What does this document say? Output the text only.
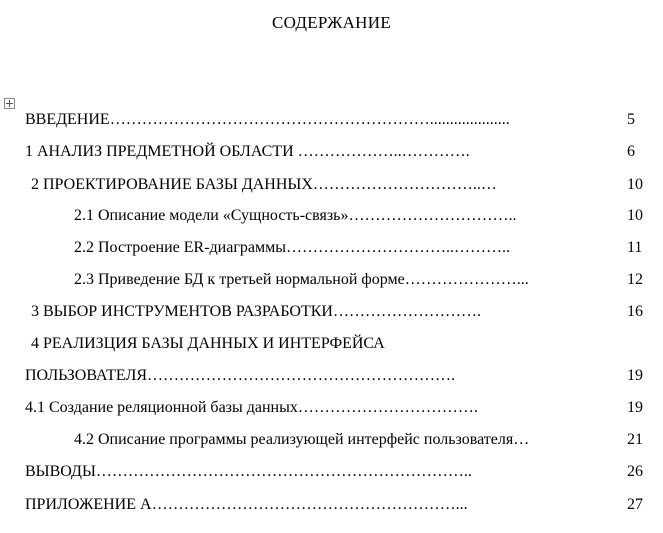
СОДЕРЖАНИЕ
ВВЕДЕНИЕ……………………………………………………....................	5
1 АНАЛИЗ ПРЕДМЕТНОЙ ОБЛАСТИ ………………..………….	6
2 ПРОЕКТИРОВАНИЕ БАЗЫ ДАННЫХ…………………………..…	10
2.1 Описание модели «Сущность-связь»…………………………..	10
2.2 Построение ER-диаграммы…………………………..………..	11
2.3 Приведение БД к третьей нормальной форме…………………...	12
3 ВЫБОР ИНСТРУМЕНТОВ РАЗРАБОТКИ……………………….	16
4 РЕАЛИЗЦИЯ БАЗЫ ДАННЫХ И ИНТЕРФЕЙСА
ПОЛЬЗОВАТЕЛЯ………………………………………………….	19
4.1 Создание реляционной базы данных…………………………….	19
4.2 Описание программы реализующей интерфейс пользователя…	21
ВЫВОДЫ……………………………………………………………..	26
ПРИЛОЖЕНИЕ А…………………………………………………...	27
